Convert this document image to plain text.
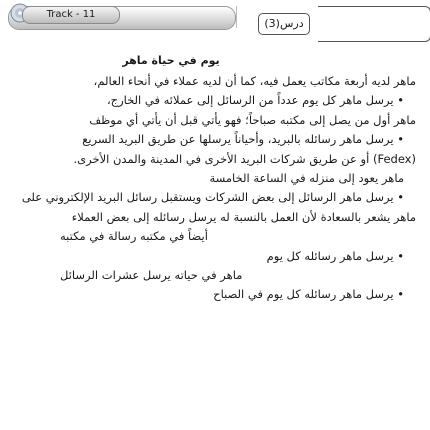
Track - 11
(3)درس
يوم في حياة ماهر
ماهر لديه أربعة مكاتب يعمل فيه، كما أن لديه عملاء في أنحاء العالم،
• يرسل ماهر كل يوم عدداً من الرسائل إلى عملائه في الخارج،
ماهر أول من يصل إلى مكتبه صباحاً؛ فهو يأتي قبل أن يأتي أي موظف
• يرسل ماهر رسائله بالبريد، وأحياناً يرسلها عن طريق البريد السريع
(Fedex) أو عن طريق شركات البريد الأخرى في المدينة والمدن الأخرى.
ماهر يعود إلى منزله في الساعة الخامسة
• يرسل ماهر الرسائل إلى بعض الشركات ويستقبل رسائل البريد الإلكتروني على
ماهر يشعر بالسعادة لأن العمل بالنسبة له يرسل رسائله إلى بعض العملاء
أيضاً في مكتبه رسالة في مكتبه
• يرسل ماهر رسائله كل يوم
ماهر في حياته يرسل عشرات الرسائل
• يرسل ماهر رسائله كل يوم في الصباح
